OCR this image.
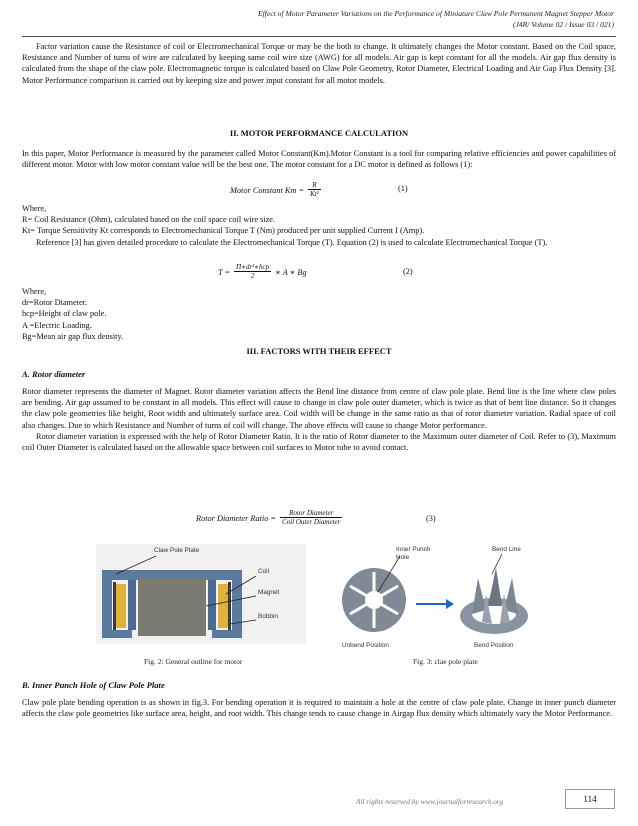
Effect of Motor Parameter Variations on the Performance of Miniature Claw Pole Permanent Magnet Stepper Motor
(J4R/ Volume 02 / Issue 03 / 021)

Factor variation cause the Resistance of coil or Electromechanical Torque or may be the both to change. It ultimately changes the Motor constant. Based on the Coil space, Resistance and Number of turns of wire are calculated by keeping same coil wire size (AWG) for all models. Air gap is kept constant for all the models. Air gap flux density is calculated from the shape of the claw pole. Electromagnetic torque is calculated based on Claw Pole Geometry, Rotor Diameter, Electrical Loading and Air Gap Flux Density [3]. Motor Performance comparison is carried out by keeping size and power input constant for all motor models.

II. MOTOR PERFORMANCE CALCULATION

In this paper, Motor Performance is measured by the parameter called Motor Constant(Km).Motor Constant is a tool for comparing relative efficiencies and power capabilities of different motor. Motor with low motor constant value will be the best one. The motor constant for a DC motor is defined as follows (1):

Motor Constant $Km = \frac{R}{\text{Kt²}}$	(1)

Where,

R= Coil Resistance (Ohm), calculated based on the coil space coil wire size.

Kt= Torque Sensitivity Kt corresponds to Electromechanical Torque T (Nm) produced per unit supplied Current I (Amp).

Reference [3] has given detailed procedure to calculate the Electromechanical Torque (T). Equation (2) is used to calculate Electromechanical Torque (T).

$T = \frac{\text{Π∗dr²∗hcp}}{2}$ ∗ A ∗ Bg	(2)

Where,

dr=Rotor Diameter.

hcp=Height of claw pole.

A =Electric Loading.

Bg=Mean air gap flux density.

III. FACTORS WITH THEIR EFFECT
A. Rotor diameter

Rotor diameter represents the diameter of Magnet. Rotor diameter variation affects the Bend line distance from centre of claw pole plate. Bend line is the line where claw poles are bending. Air gap assumed to be constant in all models. This effect will cause to change in claw pole outer diameter, which is twice as that of bent line distance. So it changes the claw pole geometries like height, Root width and ultimately surface area. Coil width will be change in the same ratio as that of rotor diameter variation. Radial space of coil also changes. Due to which Resistance and Number of turns of coil will change. The above effects will cause to change Motor performance.

Rotor diameter variation is expressed with the help of Rotor Diameter Ratio. It is the ratio of Rotor diameter to the Maximum outer diameter of Coil. Refer to (3), Maximum coil Outer Diameter is calculated based on the allowable space between coil surfaces to Motor tube to avoid contact.

Rotor Diameter Ratio = $\frac{\text{Rotor Diameter}}{\text{Coil Outer Diameter}}$	(3)
Claw Pole Plate
Coil
Magnet
Bobbin
Inner Punch Hole
Bend Line
Unbend Position	Bend Position
Fig. 2: General outline for motor	Fig. 3: clae pole plate
B. Inner Punch Hole of Claw Pole Plate

Claw pole plate bending operation is as shown in fig.3. For bending operation it is required to maintain a hole at the centre of claw pole plate. Change in inner punch diameter affects the claw pole geometries like surface area, height, and root width. This change tends to cause change in Airgap flux density which ultimately vary the Motor Performance.

All rights reserved by www.journalforresearch.org	114
